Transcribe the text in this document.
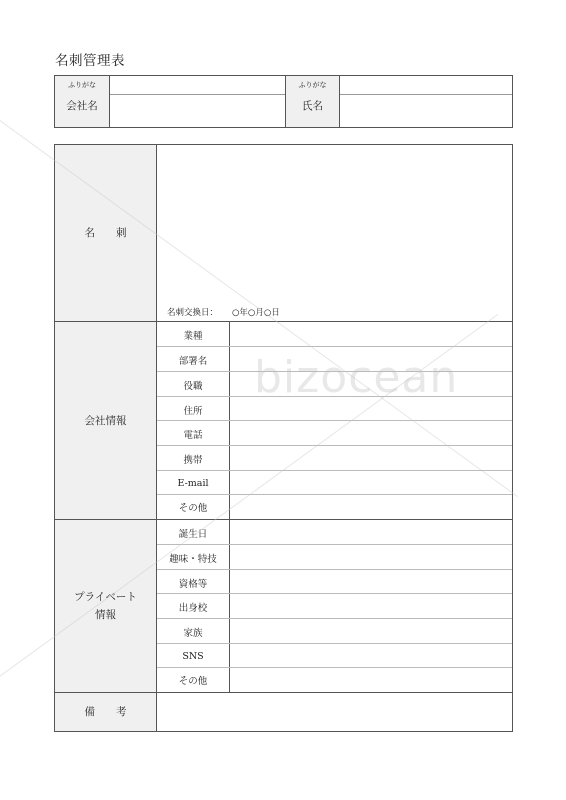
名刺管理表
ふりがな
会社名
ふりがな
氏名
名　　刺
名刺交換日： ○年○月○日
会社情報
業種
部署名
役職
住所
電話
携帯
E-mail
その他
プライベート
情報
誕生日
趣味・特技
資格等
出身校
家族
SNS
その他
備　　考
bizocean
